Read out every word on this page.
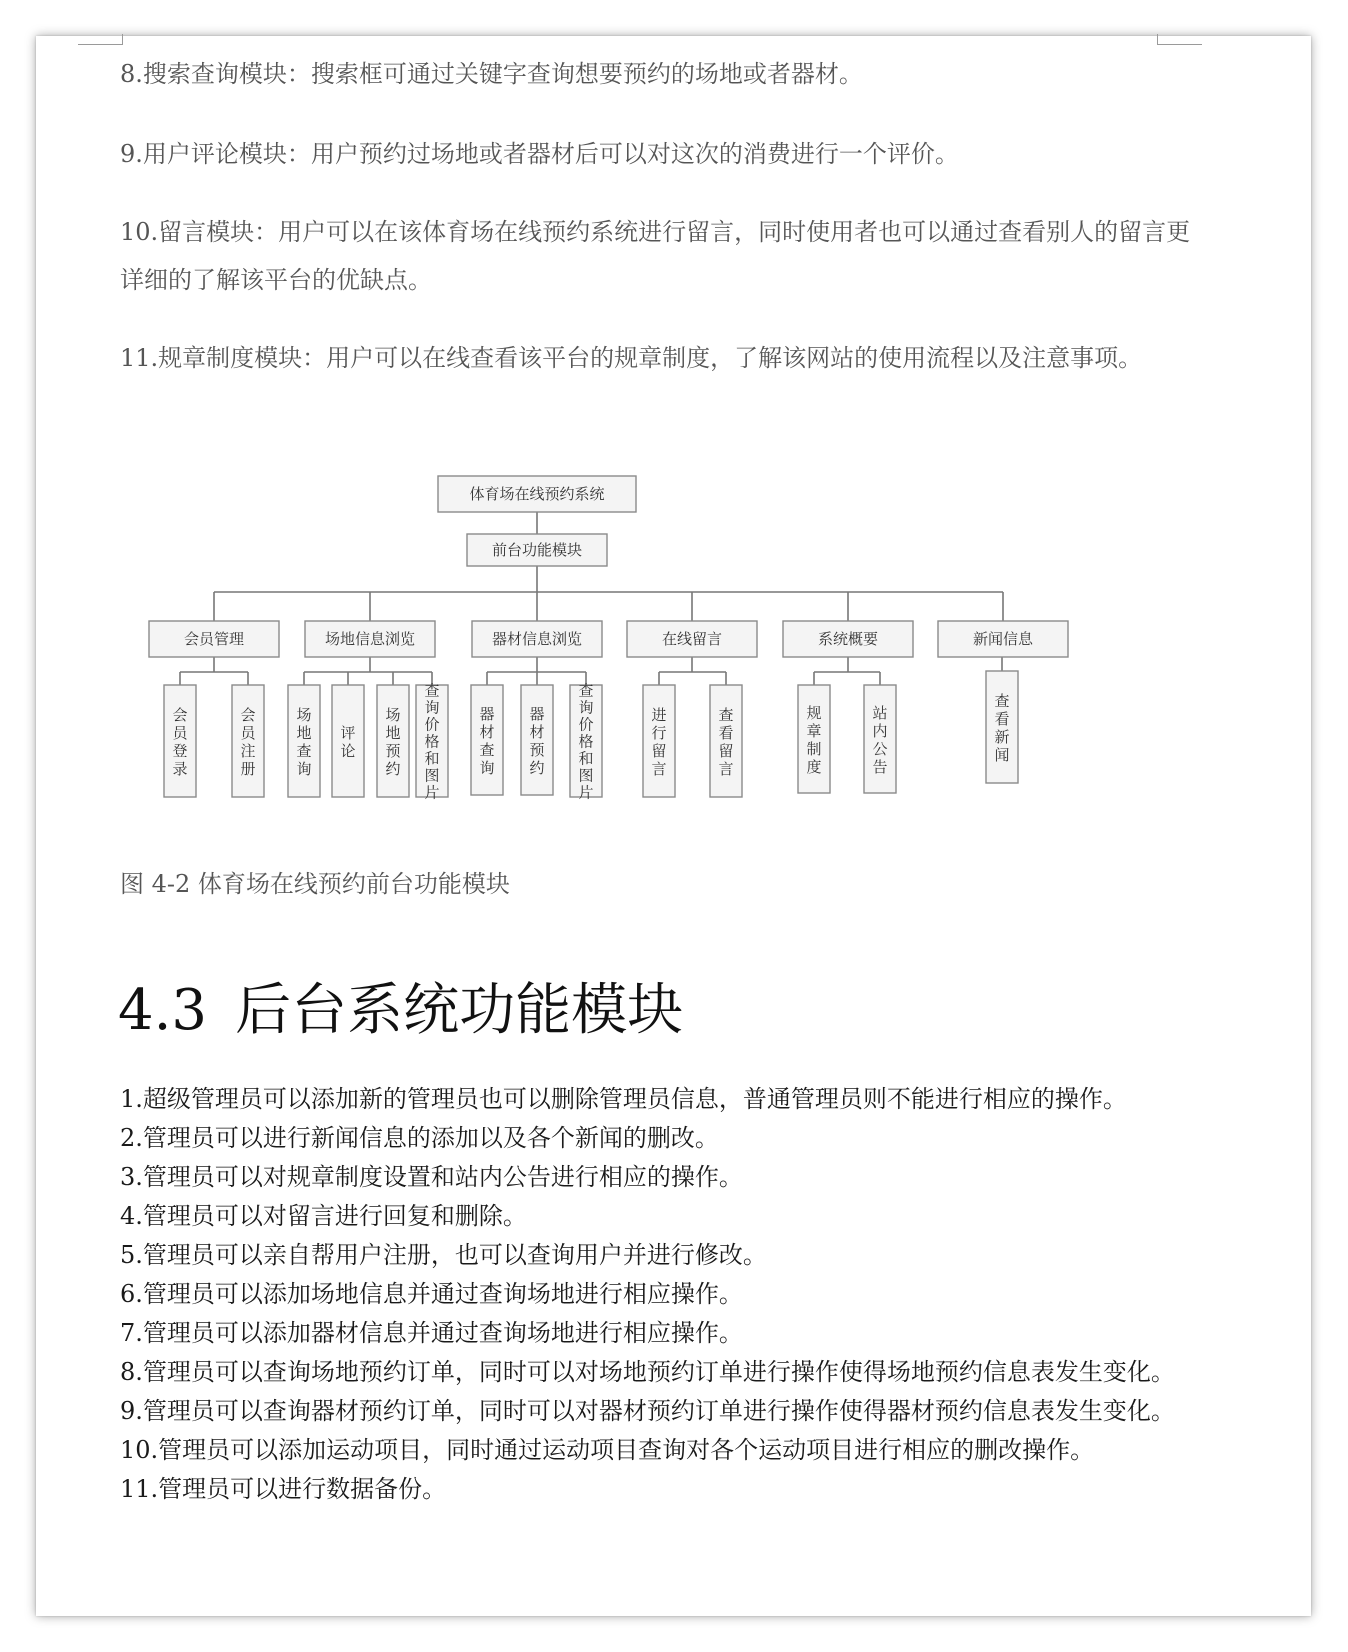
8.搜索查询模块：搜索框可通过关键字查询想要预约的场地或者器材。

9.用户评论模块：用户预约过场地或者器材后可以对这次的消费进行一个评价。

10.留言模块：用户可以在该体育场在线预约系统进行留言，同时使用者也可以通过查看别人的留言更详细的了解该平台的优缺点。

11.规章制度模块：用户可以在线查看该平台的规章制度，了解该网站的使用流程以及注意事项。

体育场在线预约系统
前台功能模块
会员管理
会员登录
会员注册
场地信息浏览
场地查询
评论
场地预约
查询价格和图片
器材信息浏览
器材查询
器材预约
查询价格和图片
在线留言
进行留言
查看留言
系统概要
规章制度
站内公告
新闻信息
查看新闻

图 4-2 体育场在线预约前台功能模块

4.3 后台系统功能模块
1.超级管理员可以添加新的管理员也可以删除管理员信息，普通管理员则不能进行相应的操作。
2.管理员可以进行新闻信息的添加以及各个新闻的删改。
3.管理员可以对规章制度设置和站内公告进行相应的操作。
4.管理员可以对留言进行回复和删除。
5.管理员可以亲自帮用户注册，也可以查询用户并进行修改。
6.管理员可以添加场地信息并通过查询场地进行相应操作。
7.管理员可以添加器材信息并通过查询场地进行相应操作。
8.管理员可以查询场地预约订单，同时可以对场地预约订单进行操作使得场地预约信息表发生变化。
9.管理员可以查询器材预约订单，同时可以对器材预约订单进行操作使得器材预约信息表发生变化。
10.管理员可以添加运动项目，同时通过运动项目查询对各个运动项目进行相应的删改操作。
11.管理员可以进行数据备份。
